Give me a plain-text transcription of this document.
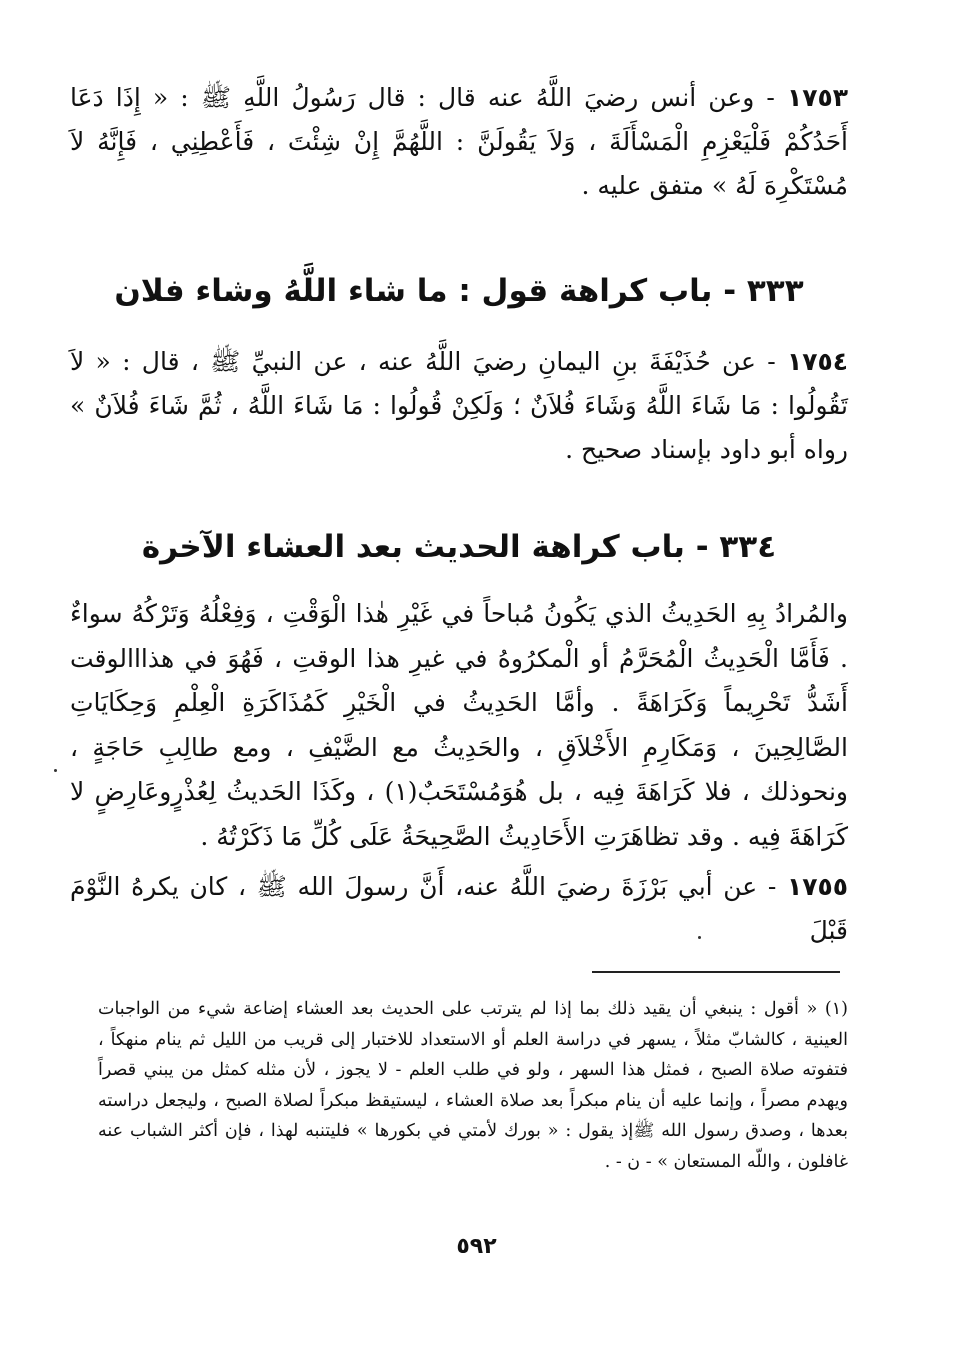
١٧٥٣ - وعن أنس رضيَ اللَّهُ عنه قال : قال رَسُولُ اللَّهِ ﷺ : « إِذَا دَعَا أَحَدُكُمْ فَلْيَعْزِمِ الْمَسْأَلَةَ ، وَلاَ يَقُولَنَّ : اللَّهُمَّ إِنْ شِئْتَ ، فَأَعْطِنِي ، فَإِنَّهُ لاَ مُسْتَكْرِهَ لَهُ » متفق عليه .

٣٣٣ - باب كراهة قول : ما شاء اللَّهُ وشاء فلان

١٧٥٤ - عن حُذَيْفَةَ بنِ اليمانِ رضيَ اللَّهُ عنه ، عن النبيِّ ﷺ ، قال : « لاَ تَقُولُوا : مَا شَاءَ اللَّهُ وَشَاءَ فُلاَنٌ ؛ وَلَكِنْ قُولُوا : مَا شَاءَ اللَّهُ ، ثُمَّ شَاءَ فُلاَنٌ » رواه أبو داود بإسناد صحيح .

٣٣٤ - باب كراهة الحديث بعد العشاء الآخرة

والمُرادُ بِهِ الحَدِيثُ الذي يَكُونُ مُباحاً في غَيْرِ هٰذا الْوَقْتِ ، وَفِعْلُهُ وَتَرْكُهُ سواءٌ . فَأَمَّا الْحَدِيثُ الْمُحَرَّمُ أو الْمكرُوهُ في غيرِ هذا الوقتِ ، فَهُوَ في هذااالوقت أَشَدُّ تَحْرِيماً وَكَرَاهَةً . وأمَّا الحَدِيثُ في الْخَيْرِ كَمُذَاكَرَةِ الْعِلْمِ وَحِكَايَاتِ الصَّالِحِينَ ، وَمَكَارِمِ الأَخْلاَقِ ، والحَدِيثُ مع الضَّيْفِ ، ومع طالِبِ حَاجَةٍ ، ونحوذلك ، فلا كَرَاهَةَ فِيه ، بل هُوَمُسْتَحَبٌ(١) ، وكَذَا الحَديثُ لِعُذْرٍوعَارِضٍ لا كَرَاهَةَ فِيه . وقد تظاهَرَتِ الأَحَادِيثُ الصَّحِيحَةُ عَلَى كُلِّ مَا ذَكَرْتُهُ .

١٧٥٥ - عن أبي بَرْزَةَ رضيَ اللَّهُ عنه، أَنَّ رسولَ الله ﷺ ، كان يكرهُ النَّوْمَ قَبْلَ

(١) « أقول : ينبغي أن يقيد ذلك بما إذا لم يترتب على الحديث بعد العشاء إضاعة شيء من الواجبات العينية ، كالشابّ مثلاً ، يسهر في دراسة العلم أو الاستعداد للاختبار إلى قريب من الليل ثم ينام منهكاً ، فتفوته صلاة الصبح ، فمثل هذا السهر ، ولو في طلب العلم - لا يجوز ، لأن مثله كمثل من يبني قصراً ويهدم مصراً ، وإنما عليه أن ينام مبكراً بعد صلاة العشاء ، ليستيقظ مبكراً لصلاة الصبح ، وليجعل دراسته بعدها ، وصدق رسول الله ﷺإذ يقول : « بورك لأمتي في بكورها » فليتنبه لهذا ، فإن أكثر الشباب عنه غافلون ، واللّه المستعان » - ن - .

٥٩٢
